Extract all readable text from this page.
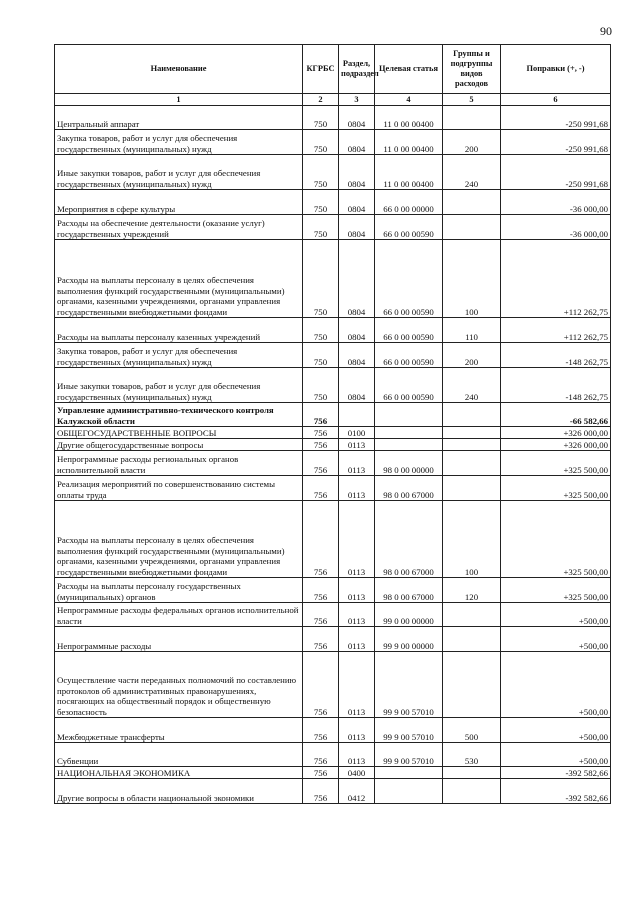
90
Наименование	КГРБС	Раздел, подраздел	Целевая статья	Группы и подгруппы видов расходов	Поправки (+, -)
1	2	3	4	5	6
Центральный аппарат	750	0804	11 0 00 00400		-250 991,68
Закупка товаров, работ и услуг для обеспечения государственных (муниципальных) нужд	750	0804	11 0 00 00400	200	-250 991,68
Иные закупки товаров, работ и услуг для обеспечения государственных (муниципальных) нужд	750	0804	11 0 00 00400	240	-250 991,68
Мероприятия в сфере культуры	750	0804	66 0 00 00000		-36 000,00
Расходы на обеспечение деятельности (оказание услуг) государственных учреждений	750	0804	66 0 00 00590		-36 000,00
Расходы на выплаты персоналу в целях обеспечения выполнения функций государственными (муниципальными) органами, казенными учреждениями, органами управления государственными внебюджетными фондами	750	0804	66 0 00 00590	100	+112 262,75
Расходы на выплаты персоналу казенных учреждений	750	0804	66 0 00 00590	110	+112 262,75
Закупка товаров, работ и услуг для обеспечения государственных (муниципальных) нужд	750	0804	66 0 00 00590	200	-148 262,75
Иные закупки товаров, работ и услуг для обеспечения государственных (муниципальных) нужд	750	0804	66 0 00 00590	240	-148 262,75
Управление административно-технического контроля Калужской области	756				-66 582,66
ОБЩЕГОСУДАРСТВЕННЫЕ ВОПРОСЫ	756	0100			+326 000,00
Другие общегосударственные вопросы	756	0113			+326 000,00
Непрограммные расходы региональных органов исполнительной власти	756	0113	98 0 00 00000		+325 500,00
Реализация мероприятий по совершенствованию системы оплаты труда	756	0113	98 0 00 67000		+325 500,00
Расходы на выплаты персоналу в целях обеспечения выполнения функций государственными (муниципальными) органами, казенными учреждениями, органами управления государственными внебюджетными фондами	756	0113	98 0 00 67000	100	+325 500,00
Расходы на выплаты персоналу государственных (муниципальных) органов	756	0113	98 0 00 67000	120	+325 500,00
Непрограммные расходы федеральных органов исполнительной власти	756	0113	99 0 00 00000		+500,00
Непрограммные расходы	756	0113	99 9 00 00000		+500,00
Осуществление части переданных полномочий по составлению протоколов об административных правонарушениях, посягающих на общественный порядок и общественную безопасность	756	0113	99 9 00 57010		+500,00
Межбюджетные трансферты	756	0113	99 9 00 57010	500	+500,00
Субвенции	756	0113	99 9 00 57010	530	+500,00
НАЦИОНАЛЬНАЯ ЭКОНОМИКА	756	0400			-392 582,66
Другие вопросы в области национальной экономики	756	0412			-392 582,66
